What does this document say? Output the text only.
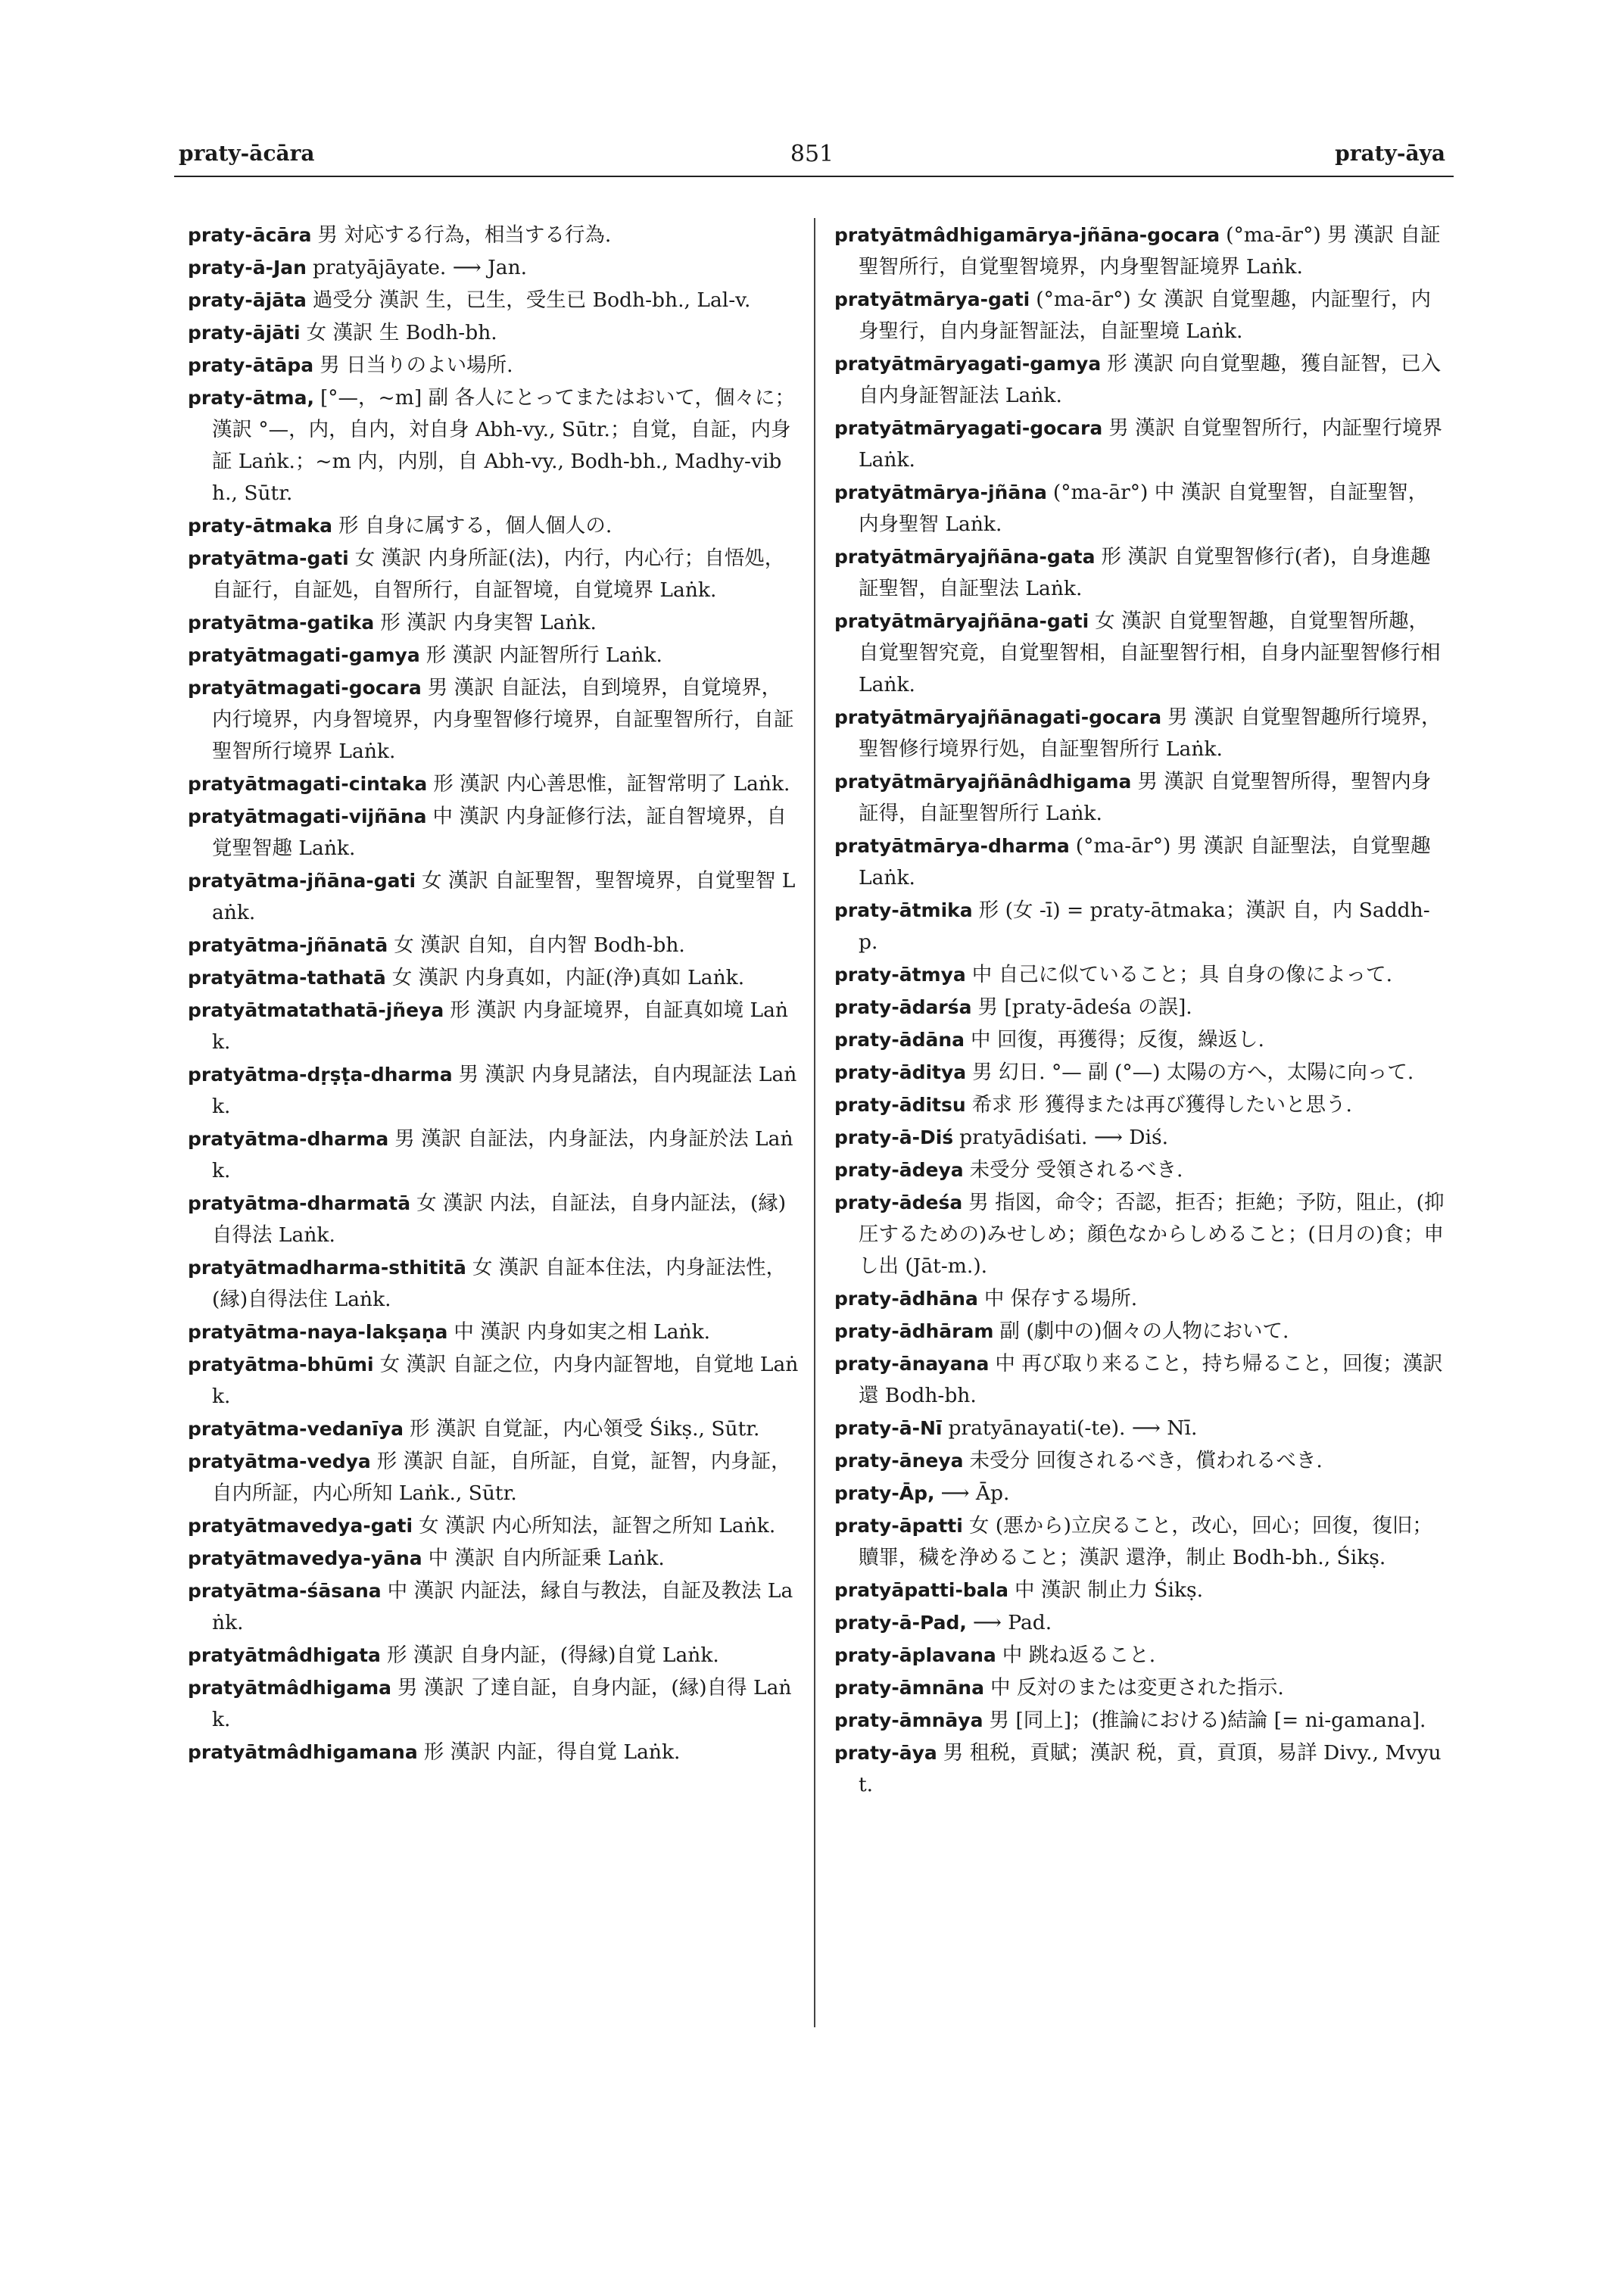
praty-ācāra	851	praty-āya
praty-ācāra 男 対応する行為，相当する行為.
praty-ā-Jan pratyājāyate. ⟶ Jan.
praty-ājāta 過受分 漢訳 生，已生，受生已 Bodh-bh., Lal-v.
praty-ājāti 女 漢訳 生 Bodh-bh.
praty-ātāpa 男 日当りのよい場所.
praty-ātma, [°—，~m] 副 各人にとってまたはおいて，個々に；漢訳 °—，内，自内，対自身 Abh-vy., Sūtr.；自覚，自証，内身証 Laṅk.；~m 内，内別，自 Abh-vy., Bodh-bh., Madhy-vibh., Sūtr.
praty-ātmaka 形 自身に属する，個人個人の.
pratyātma-gati 女 漢訳 内身所証(法)，内行，内心行；自悟処，自証行，自証処，自智所行，自証智境，自覚境界 Laṅk.
pratyātma-gatika 形 漢訳 内身実智 Laṅk.
pratyātmagati-gamya 形 漢訳 内証智所行 Laṅk.
pratyātmagati-gocara 男 漢訳 自証法，自到境界，自覚境界，内行境界，内身智境界，内身聖智修行境界，自証聖智所行，自証聖智所行境界 Laṅk.
pratyātmagati-cintaka 形 漢訳 内心善思惟，証智常明了 Laṅk.
pratyātmagati-vijñāna 中 漢訳 内身証修行法，証自智境界，自覚聖智趣 Laṅk.
pratyātma-jñāna-gati 女 漢訳 自証聖智，聖智境界，自覚聖智 Laṅk.
pratyātma-jñānatā 女 漢訳 自知，自内智 Bodh-bh.
pratyātma-tathatā 女 漢訳 内身真如，内証(浄)真如 Laṅk.
pratyātmatathatā-jñeya 形 漢訳 内身証境界，自証真如境 Laṅk.
pratyātma-dṛṣṭa-dharma 男 漢訳 内身見諸法，自内現証法 Laṅk.
pratyātma-dharma 男 漢訳 自証法，内身証法，内身証於法 Laṅk.
pratyātma-dharmatā 女 漢訳 内法，自証法，自身内証法，(縁)自得法 Laṅk.
pratyātmadharma-sthititā 女 漢訳 自証本住法，内身証法性，(縁)自得法住 Laṅk.
pratyātma-naya-lakṣaṇa 中 漢訳 内身如実之相 Laṅk.
pratyātma-bhūmi 女 漢訳 自証之位，内身内証智地，自覚地 Laṅk.
pratyātma-vedanīya 形 漢訳 自覚証，内心領受 Śikṣ., Sūtr.
pratyātma-vedya 形 漢訳 自証，自所証，自覚，証智，内身証，自内所証，内心所知 Laṅk., Sūtr.
pratyātmavedya-gati 女 漢訳 内心所知法，証智之所知 Laṅk.
pratyātmavedya-yāna 中 漢訳 自内所証乗 Laṅk.
pratyātma-śāsana 中 漢訳 内証法，縁自与教法，自証及教法 Laṅk.
pratyātmâdhigata 形 漢訳 自身内証，(得縁)自覚 Laṅk.
pratyātmâdhigama 男 漢訳 了達自証，自身内証，(縁)自得 Laṅk.
pratyātmâdhigamana 形 漢訳 内証，得自覚 Laṅk.
pratyātmâdhigamārya-jñāna-gocara (°ma-ār°) 男 漢訳 自証聖智所行，自覚聖智境界，内身聖智証境界 Laṅk.
pratyātmārya-gati (°ma-ār°) 女 漢訳 自覚聖趣，内証聖行，内身聖行，自内身証智証法，自証聖境 Laṅk.
pratyātmāryagati-gamya 形 漢訳 向自覚聖趣，獲自証智，已入自内身証智証法 Laṅk.
pratyātmāryagati-gocara 男 漢訳 自覚聖智所行，内証聖行境界 Laṅk.
pratyātmārya-jñāna (°ma-ār°) 中 漢訳 自覚聖智，自証聖智，内身聖智 Laṅk.
pratyātmāryajñāna-gata 形 漢訳 自覚聖智修行(者)，自身進趣証聖智，自証聖法 Laṅk.
pratyātmāryajñāna-gati 女 漢訳 自覚聖智趣，自覚聖智所趣，自覚聖智究竟，自覚聖智相，自証聖智行相，自身内証聖智修行相 Laṅk.
pratyātmāryajñānagati-gocara 男 漢訳 自覚聖智趣所行境界，聖智修行境界行処，自証聖智所行 Laṅk.
pratyātmāryajñānâdhigama 男 漢訳 自覚聖智所得，聖智内身証得，自証聖智所行 Laṅk.
pratyātmārya-dharma (°ma-ār°) 男 漢訳 自証聖法，自覚聖趣 Laṅk.
praty-ātmika 形 (女 -ī) = praty-ātmaka；漢訳 自，内 Saddh-p.
praty-ātmya 中 自己に似ていること；具 自身の像によって.
praty-ādarśa 男 [praty-ādeśa の誤].
praty-ādāna 中 回復，再獲得；反復，繰返し.
praty-āditya 男 幻日. °— 副 (°—) 太陽の方へ，太陽に向って.
praty-āditsu 希求 形 獲得または再び獲得したいと思う.
praty-ā-Diś pratyādiśati. ⟶ Diś.
praty-ādeya 未受分 受領されるべき.
praty-ādeśa 男 指図，命令；否認，拒否；拒絶；予防，阻止，(抑圧するための)みせしめ；顔色なからしめること；(日月の)食；申し出 (Jāt-m.).
praty-ādhāna 中 保存する場所.
praty-ādhāram 副 (劇中の)個々の人物において.
praty-ānayana 中 再び取り来ること，持ち帰ること，回復；漢訳 還 Bodh-bh.
praty-ā-Nī pratyānayati(-te). ⟶ Nī.
praty-āneya 未受分 回復されるべき，償われるべき.
praty-Āp, ⟶ Āp.
praty-āpatti 女 (悪から)立戻ること，改心，回心；回復，復旧；贖罪，穢を浄めること；漢訳 還浄，制止 Bodh-bh., Śikṣ.
pratyāpatti-bala 中 漢訳 制止力 Śikṣ.
praty-ā-Pad, ⟶ Pad.
praty-āplavana 中 跳ね返ること.
praty-āmnāna 中 反対のまたは変更された指示.
praty-āmnāya 男 [同上]；(推論における)結論 [= ni-gamana].
praty-āya 男 租税，貢賦；漢訳 税，貢，貢頂，易詳 Divy., Mvyut.
